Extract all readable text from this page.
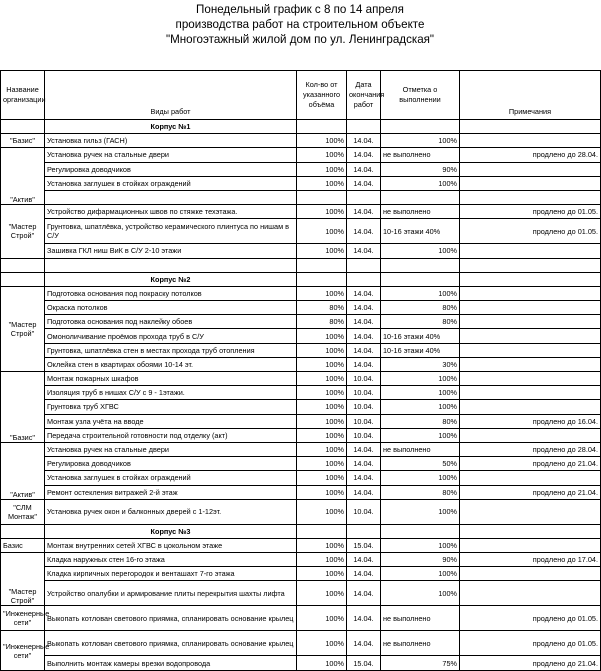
Понедельный график с 8 по 14 апреля
производства работ на строительном объекте
"Многоэтажный жилой дом по ул. Ленинградская"
Название организации	Виды работ	Кол-во от указанного объёма	Дата окончания работ	Отметка о выполнении	Примечания
	Корпус №1				
"Базис"	Установка гильз (ГАСН)	100%	14.04.	100%	
"Актив"	Установка ручек на стальные двери	100%	14.04.	не выполнено	продлено до 28.04.
	Регулировка доводчиков	100%	14.04.	90%	
	Установка заглушек в стойках ограждений	100%	14.04.	100%	

"Мастер Строй"	Устройство дифармационных швов по стяжке техэтажа.	100%	14.04.	не выполнено	продлено до 01.05.
	Грунтовка, шпатлёвка, устройство керамического плинтуса по нишам в С/У	100%	14.04.	10-16 этажи 40%	продлено до 01.05.
	Зашивка ГКЛ ниш ВиК в С/У 2-10 этажи	100%	14.04.	100%	

	Корпус №2				
"Мастер Строй"	Подготовка основания под покраску потолков	100%	14.04.	100%	
	Окраска потолков	80%	14.04.	80%	
	Подготовка основания под наклейку обоев	80%	14.04.	80%	
	Омоноличивание проёмов прохода труб в С/У	100%	14.04.	10-16 этажи 40%	
	Грунтовка, шпатлёвка стен в местах прохода труб отопления	100%	14.04.	10-16 этажи 40%	
	Оклейка стен в квартирах обоями 10-14 эт.	100%	14.04.	30%	
"Базис"	Монтаж пожарных шкафов	100%	10.04.	100%	
	Изоляция труб в нишах С/У с 9 - 1этажи.	100%	10.04.	100%	
	Грунтовка труб ХГВС	100%	10.04.	100%	
	Монтаж узла учёта на вводе	100%	10.04.	80%	продлено до 16.04.
	Передача строительной готовности под отделку (акт)	100%	10.04.	100%	
"Актив"	Установка ручек на стальные двери	100%	14.04.	не выполнено	продлено до 28.04.
	Регулировка доводчиков	100%	14.04.	50%	продлено до 21.04.
	Установка заглушек в стойках ограждений	100%	14.04.	100%	
	Ремонт остекления витражей 2-й этаж	100%	14.04.	80%	продлено до 21.04.
"СЛМ Монтаж"	Установка ручек окон и балконных дверей с 1-12эт.	100%	10.04.	100%	
	Корпус №3				
Базис	Монтаж внутренних сетей ХГВС в цокольном этаже	100%	15.04.	100%	
"Мастер Строй"	Кладка наружных стен 16-го этажа	100%	14.04.	90%	продлено до 17.04.
	Кладка кирпичных перегородок и венташахт 7-го этажа	100%	14.04.	100%	
	Устройство опалубки и армирование плиты перекрытия шахты лифта	100%	14.04.	100%	
"Инженерные сети"	Выкопать котлован светового приямка, спланировать основание крылец	100%	14.04.	не выполнено	продлено до 01.05.
"Инженерные сети"	Выкопать котлован светового приямка, спланировать основание крылец	100%	14.04.	не выполнено	продлено до 01.05.
	Выполнить монтаж камеры врезки водопровода	100%	15.04.	75%	продлено до 21.04.
